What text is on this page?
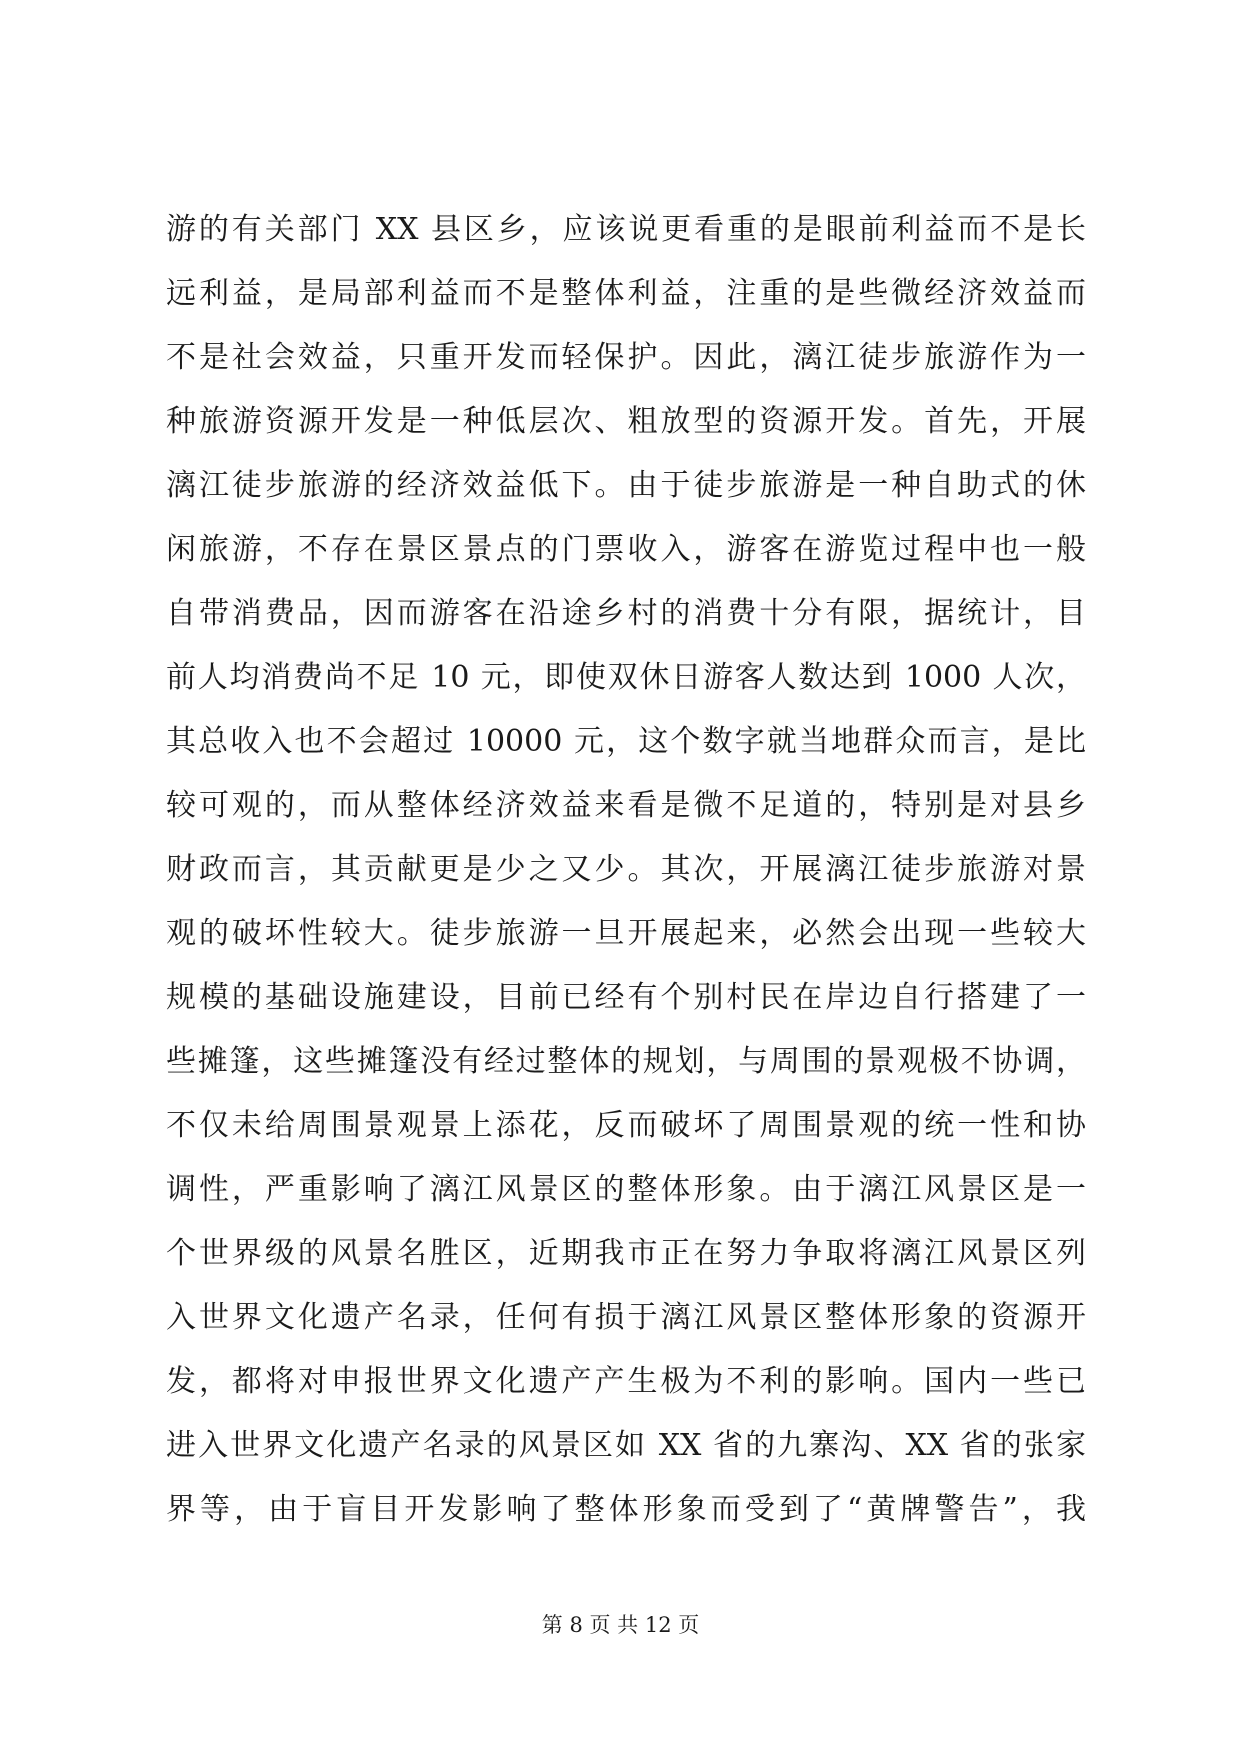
游的有关部门 XX 县区乡，应该说更看重的是眼前利益而不是长
远利益，是局部利益而不是整体利益，注重的是些微经济效益而
不是社会效益，只重开发而轻保护。因此，漓江徒步旅游作为一
种旅游资源开发是一种低层次、粗放型的资源开发。首先，开展
漓江徒步旅游的经济效益低下。由于徒步旅游是一种自助式的休
闲旅游，不存在景区景点的门票收入，游客在游览过程中也一般
自带消费品，因而游客在沿途乡村的消费十分有限，据统计，目
前人均消费尚不足 10 元，即使双休日游客人数达到 1000 人次，
其总收入也不会超过 10000 元，这个数字就当地群众而言，是比
较可观的，而从整体经济效益来看是微不足道的，特别是对县乡
财政而言，其贡献更是少之又少。其次，开展漓江徒步旅游对景
观的破坏性较大。徒步旅游一旦开展起来，必然会出现一些较大
规模的基础设施建设，目前已经有个别村民在岸边自行搭建了一
些摊篷，这些摊篷没有经过整体的规划，与周围的景观极不协调，
不仅未给周围景观景上添花，反而破坏了周围景观的统一性和协
调性，严重影响了漓江风景区的整体形象。由于漓江风景区是一
个世界级的风景名胜区，近期我市正在努力争取将漓江风景区列
入世界文化遗产名录，任何有损于漓江风景区整体形象的资源开
发，都将对申报世界文化遗产产生极为不利的影响。国内一些已
进入世界文化遗产名录的风景区如 XX 省的九寨沟、XX 省的张家
界等，由于盲目开发影响了整体形象而受到了“黄牌警告”，我
第 8 页 共 12 页
